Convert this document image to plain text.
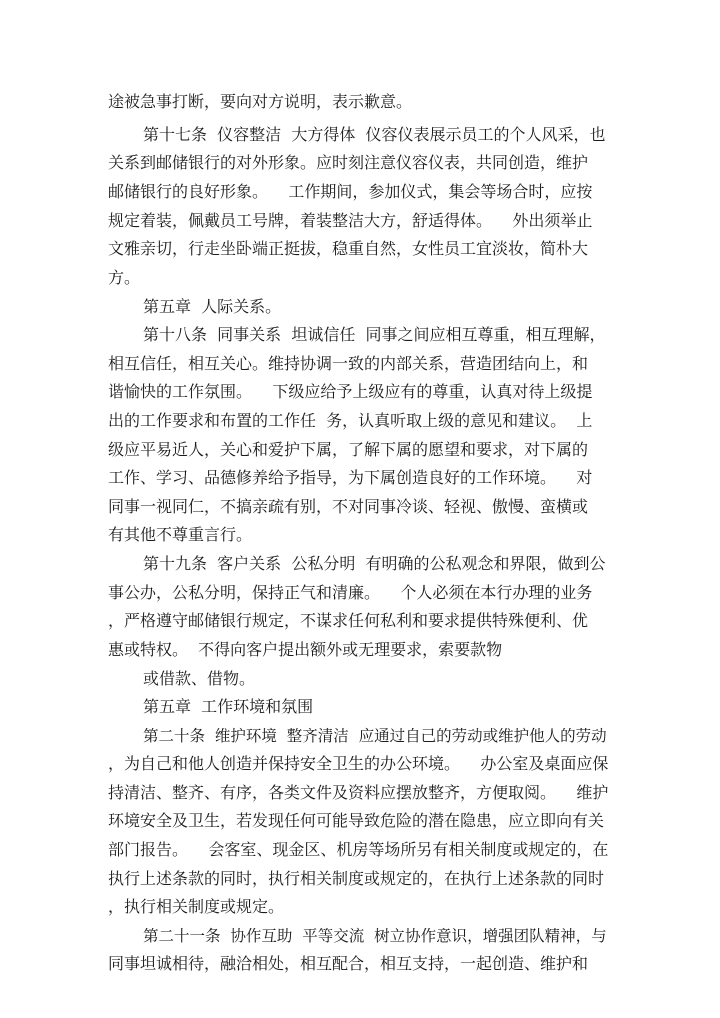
途被急事打断，要向对方说明，表示歉意。

第十七条  仪容整洁  大方得体  仪容仪表展示员工的个人风采，也

关系到邮储银行的对外形象。应时刻注意仪容仪表，共同创造，维护

邮储银行的良好形象。    工作期间，参加仪式，集会等场合时，应按

规定着装，佩戴员工号牌，着装整洁大方，舒适得体。    外出须举止

文雅亲切，行走坐卧端正挺拔，稳重自然，女性员工宜淡妆，简朴大

方。

第五章  人际关系。

第十八条  同事关系  坦诚信任  同事之间应相互尊重，相互理解，

相互信任，相互关心。维持协调一致的内部关系，营造团结向上，和

谐愉快的工作氛围。    下级应给予上级应有的尊重，认真对待上级提

出的工作要求和布置的工作任  务，认真听取上级的意见和建议。  上

级应平易近人，关心和爱护下属，了解下属的愿望和要求，对下属的

工作、学习、品德修养给予指导，为下属创造良好的工作环境。    对

同事一视同仁，不搞亲疏有别，不对同事冷谈、轻视、傲慢、蛮横或

有其他不尊重言行。

第十九条  客户关系  公私分明  有明确的公私观念和界限，做到公

事公办，公私分明，保持正气和清廉。    个人必须在本行办理的业务

，严格遵守邮储银行规定，不谋求任何私利和要求提供特殊便利、优

惠或特权。  不得向客户提出额外或无理要求，索要款物

或借款、借物。

第五章  工作环境和氛围

第二十条  维护环境  整齐清洁  应通过自己的劳动或维护他人的劳动

，为自己和他人创造并保持安全卫生的办公环境。    办公室及桌面应保

持清洁、整齐、有序，各类文件及资料应摆放整齐，方便取阅。    维护

环境安全及卫生，若发现任何可能导致危险的潜在隐患，应立即向有关

部门报告。    会客室、现金区、机房等场所另有相关制度或规定的，在

执行上述条款的同时，执行相关制度或规定的，在执行上述条款的同时

，执行相关制度或规定。

第二十一条  协作互助  平等交流  树立协作意识，增强团队精神，与

同事坦诚相待，融洽相处，相互配合，相互支持，一起创造、维护和
